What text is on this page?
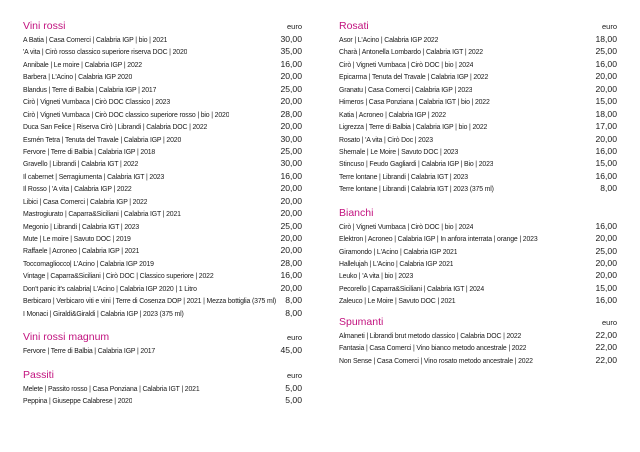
Vini rossi	euro
A Batia | Casa Comerci | Calabria IGP | bio | 2021	30,00
'A vita | Cirò rosso classico superiore riserva DOC | 2020	35,00
Annibale | Le moire | Calabria IGP | 2022	16,00
Barbera | L'Acino | Calabria IGP 2020	20,00
Blandus | Terre di Balbia | Calabria IGP | 2017	25,00
Cirò | Vigneti Vumbaca | Cirò DOC Classico | 2023	20,00
Cirò | Vigneti Vumbaca | Cirò DOC classico superiore rosso | bio | 2020	28,00
Duca San Felice | Riserva Cirò | Librandi | Calabria DOC | 2022	20,00
Esmén Tetra | Tenuta del Travale | Calabria IGP | 2020	30,00
Fervore | Terre di Balbia | Calabria IGP | 2018	25,00
Gravello | Librandi | Calabria IGT | 2022	30,00
Il cabernet | Serragiumenta | Calabria IGT | 2023	16,00
Il Rosso | 'A vita | Calabria IGP | 2022	20,00
Libici | Casa Comerci | Calabria IGP | 2022	20,00
Mastrogiurato | Caparra&Siciliani | Calabria IGT | 2021	20,00
Megonio | Librandi | Calabria IGT | 2023	25,00
Mute | Le moire | Savuto DOC | 2019	20,00
Raffaele | Acroneo | Calabria IGP | 2021	20,00
Toccomagliocco| L'Acino | Calabria IGP 2019	28,00
Vintage | Caparra&Siciliani | Cirò DOC | Classico superiore | 2022	16,00
Don't panic it's calabria| L'Acino | Calabria IGP 2020 | 1 Litro	20,00
Berbicaro | Verbicaro viti e vini | Terre di Cosenza DOP | 2021 | Mezza bottiglia (375 ml)	8,00
I Monaci | Giraldi&Giraldi | Calabria IGP | 2023 (375 ml)	8,00
Vini rossi magnum	euro
Fervore | Terre di Balbia | Calabria IGP | 2017	45,00
Passiti	euro
Melete | Passito rosso | Casa Ponziana | Calabria IGT | 2021	5,00
Peppina | Giuseppe Calabrese | 2020	5,00
Rosati	euro
Asor | L'Acino | Calabria IGP 2022	18,00
Charà | Antonella Lombardo | Calabria IGT | 2022	25,00
Cirò | Vigneti Vumbaca | Cirò DOC | bio | 2024	16,00
Epicarma | Tenuta del Travale | Calabria IGP | 2022	20,00
Granatu | Casa Comerci | Calabria IGP | 2023	20,00
Himeros | Casa Ponziana | Calabria IGT | bio | 2022	15,00
Katia | Acroneo | Calabria IGP | 2022	18,00
Ligrezza | Terre di Balbia | Calabria IGP | bio | 2022	17,00
Rosato | 'A vita | Cirò Doc | 2023	20,00
Shemale | Le Moire | Savuto DOC | 2023	16,00
Stincuso | Feudo Gagliardi | Calabria IGP | Bio | 2023	15,00
Terre lontane | Librandi | Calabria IGT | 2023	16,00
Terre lontane | Librandi | Calabria IGT | 2023 (375 ml)	8,00
Bianchi
Cirò | Vigneti Vumbaca | Cirò DOC | bio | 2024	16,00
Elektron | Acroneo | Calabria IGP | In anfora interrata | orange | 2023	20,00
Giramondo | L'Acino | Calabria IGP 2021	25,00
Hallelujah | L'Acino | Calabria IGP 2021	20,00
Leuko | 'A vita | bio | 2023	20,00
Pecorello | Caparra&Siciliani | Calabria IGT | 2024	15,00
Zaleuco | Le Moire | Savuto DOC | 2021	16,00
Spumanti	euro
Almaneti | Librandi brut metodo classico | Calabria DOC | 2022	22,00
Fantasia | Casa Comerci | Vino bianco metodo ancestrale | 2022	22,00
Non Sense | Casa Comerci | Vino rosato metodo ancestrale | 2022	22,00
